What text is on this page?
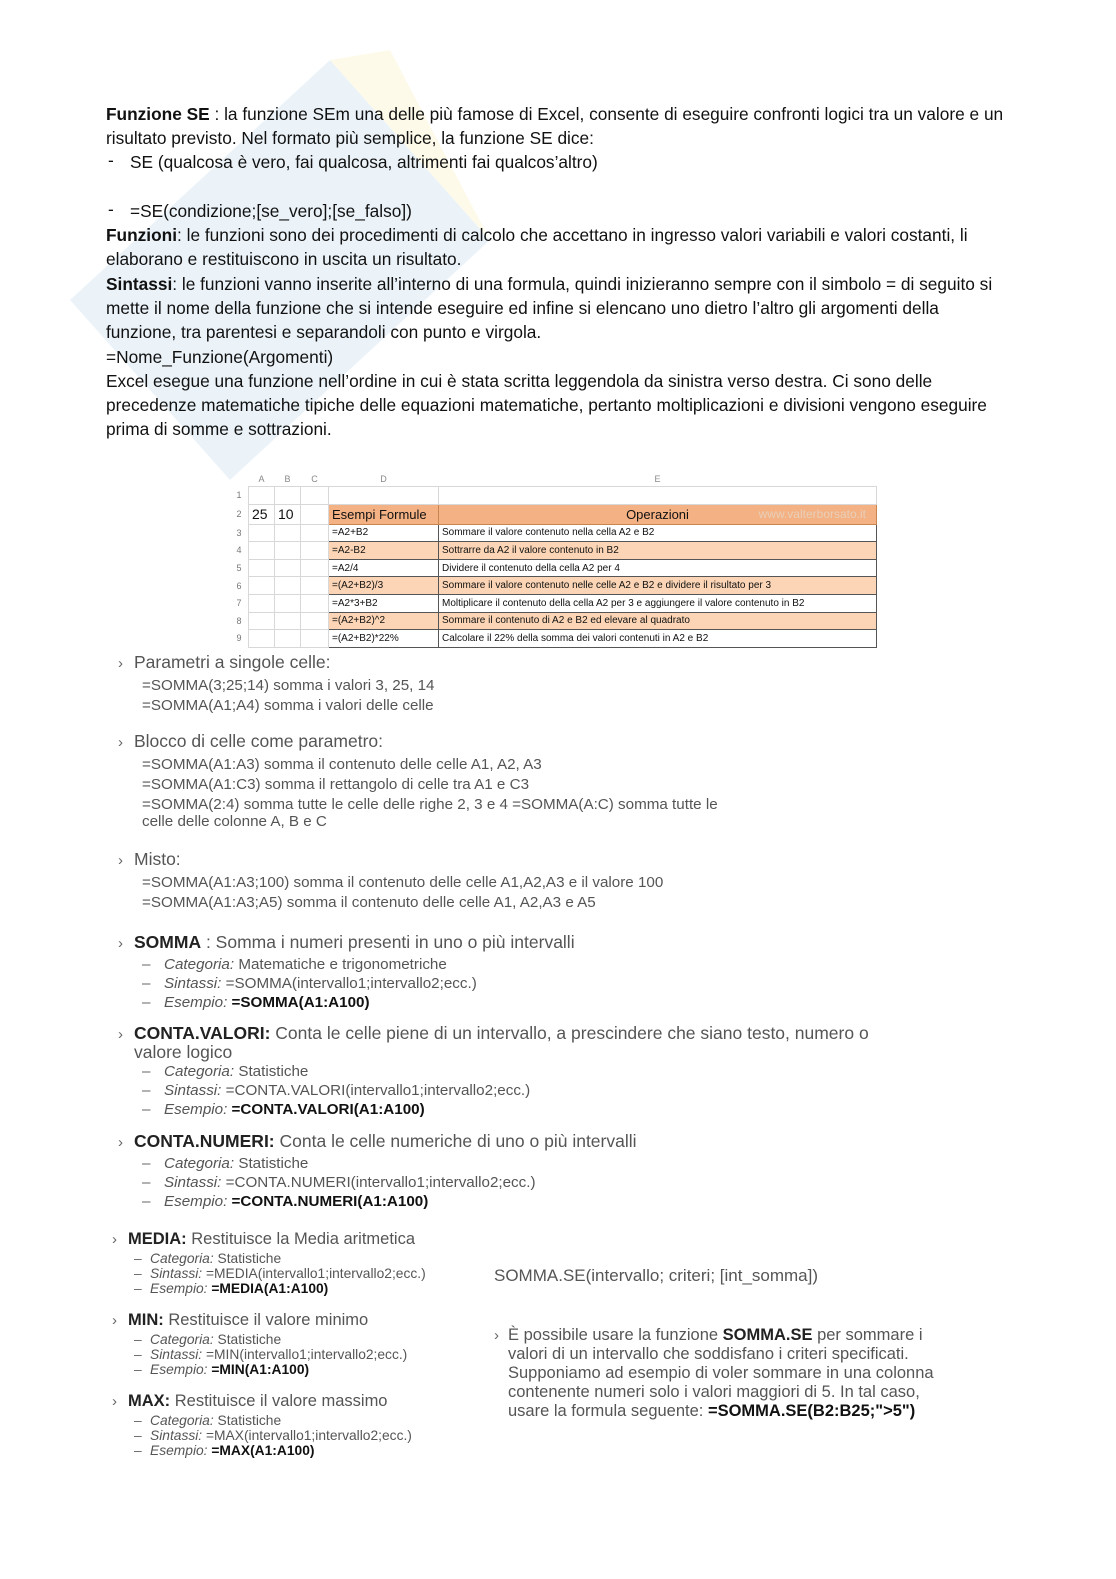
Funzione SE : la funzione SEm una delle più famose di Excel, consente di eseguire confronti logici tra un valore e un risultato previsto. Nel formato più semplice, la funzione SE dice:
- SE (qualcosa è vero, fai qualcosa, altrimenti fai qualcos’altro)
- =SE(condizione;[se_vero];[se_falso])
Funzioni: le funzioni sono dei procedimenti di calcolo che accettano in ingresso valori variabili e valori costanti, li elaborano e restituiscono in uscita un risultato.
Sintassi: le funzioni vanno inserite all’interno di una formula, quindi inizieranno sempre con il simbolo = di seguito si mette il nome della funzione che si intende eseguire ed infine si elencano uno dietro l’altro gli argomenti della funzione, tra parentesi e separandoli con punto e virgola.
=Nome_Funzione(Argomenti)
Excel esegue una funzione nell’ordine in cui è stata scritta leggendola da sinistra verso destra. Ci sono delle precedenze matematiche tipiche delle equazioni matematiche, pertanto moltiplicazioni e divisioni vengono eseguire prima di somme e sottrazioni.
	A	B	C	D	E
1					
2	25	10		Esempi Formule	Operazioni www.valterborsato.it

3				=A2+B2	Sommare il valore contenuto nella cella A2 e B2
4				=A2-B2	Sottrarre da A2 il valore contenuto in B2
5				=A2/4	Dividere il contenuto della cella A2 per 4
6				=(A2+B2)/3	Sommare il valore contenuto nelle celle A2 e B2 e dividere il risultato per 3
7				=A2*3+B2	Moltiplicare il contenuto della cella A2 per 3 e aggiungere il valore contenuto in B2
8				=(A2+B2)^2	Sommare il contenuto di A2 e B2 ed elevare al quadrato
9				=(A2+B2)*22%	Calcolare il 22% della somma dei valori contenuti in A2 e B2
› Parametri a singole celle:
=SOMMA(3;25;14) somma i valori 3, 25, 14
=SOMMA(A1;A4) somma i valori delle celle
› Blocco di celle come parametro:
=SOMMA(A1:A3) somma il contenuto delle celle A1, A2, A3
=SOMMA(A1:C3) somma il rettangolo di celle tra A1 e C3
=SOMMA(2:4) somma tutte le celle delle righe 2, 3 e 4 =SOMMA(A:C) somma tutte le
celle delle colonne A, B e C
› Misto:
=SOMMA(A1:A3;100) somma il contenuto delle celle A1,A2,A3 e il valore 100
=SOMMA(A1:A3;A5) somma il contenuto delle celle A1, A2,A3 e A5
› SOMMA : Somma i numeri presenti in uno o più intervalli
– Categoria: Matematiche e trigonometriche
– Sintassi: =SOMMA(intervallo1;intervallo2;ecc.)
– Esempio: =SOMMA(A1:A100)
› CONTA.VALORI: Conta le celle piene di un intervallo, a prescindere che siano testo, numero o
valore logico
– Categoria: Statistiche
– Sintassi: =CONTA.VALORI(intervallo1;intervallo2;ecc.)
– Esempio: =CONTA.VALORI(A1:A100)
› CONTA.NUMERI: Conta le celle numeriche di uno o più intervalli
– Categoria: Statistiche
– Sintassi: =CONTA.NUMERI(intervallo1;intervallo2;ecc.)
– Esempio: =CONTA.NUMERI(A1:A100)
› MEDIA: Restituisce la Media aritmetica
– Categoria: Statistiche
– Sintassi: =MEDIA(intervallo1;intervallo2;ecc.)
– Esempio: =MEDIA(A1:A100)
› MIN: Restituisce il valore minimo
– Categoria: Statistiche
– Sintassi: =MIN(intervallo1;intervallo2;ecc.)
– Esempio: =MIN(A1:A100)
› MAX: Restituisce il valore massimo
– Categoria: Statistiche
– Sintassi: =MAX(intervallo1;intervallo2;ecc.)
– Esempio: =MAX(A1:A100)
SOMMA.SE(intervallo; criteri; [int_somma])
› È possibile usare la funzione SOMMA.SE per sommare i
valori di un intervallo che soddisfano i criteri specificati.
Supponiamo ad esempio di voler sommare in una colonna
contenente numeri solo i valori maggiori di 5. In tal caso,
usare la formula seguente: =SOMMA.SE(B2:B25;">5")
